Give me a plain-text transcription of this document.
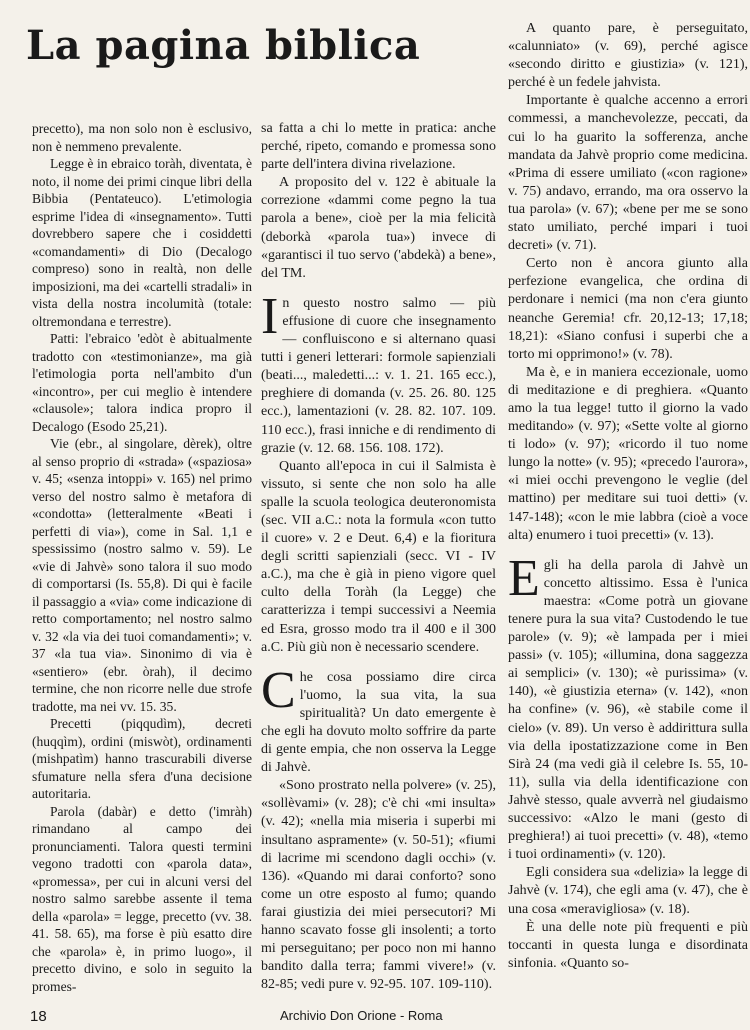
La pagina biblica

precetto), ma non solo non è esclusivo, non è nemmeno prevalente.

Legge è in ebraico toràh, diventata, è noto, il nome dei primi cinque libri della Bibbia (Pentateuco). L'etimologia esprime l'idea di «insegnamento». Tutti dovrebbero sapere che i cosiddetti «comandamenti» di Dio (Decalogo compreso) sono in realtà, non delle imposizioni, ma dei «cartelli stradali» in vista della nostra incolumità (totale: oltremondana e terrestre).

Patti: l'ebraico 'edòt è abitualmente tradotto con «testimonianze», ma già l'etimologia porta nell'ambito d'un «incontro», per cui meglio è intendere «clausole»; talora indica propro il Decalogo (Esodo 25,21).

Vie (ebr., al singolare, dèrek), oltre al senso proprio di «strada» («spaziosa» v. 45; «senza intoppi» v. 165) nel primo verso del nostro salmo è metafora di «condotta» (letteralmente «Beati i perfetti di via»), come in Sal. 1,1 e spessissimo (nostro salmo v. 59). Le «vie di Jahvè» sono talora il suo modo di comportarsi (Is. 55,8). Di qui è facile il passaggio a «via» come indicazione di retto comportamento; nel nostro salmo v. 32 «la via dei tuoi comandamenti»; v. 37 «la tua via». Sinonimo di via è «sentiero» (ebr. òrah), il decimo termine, che non ricorre nelle due strofe tradotte, ma nei vv. 15. 35.

Precetti (piqqudìm), decreti (huqqìm), ordini (miswòt), ordinamenti (mishpatìm) hanno trascurabili diverse sfumature nella sfera d'una decisione autoritaria.

Parola (dabàr) e detto ('imràh) rimandano al campo dei pronunciamenti. Talora questi termini vegono tradotti con «parola data», «promessa», per cui in alcuni versi del nostro salmo sarebbe assente il tema della «parola» = legge, precetto (vv. 38. 41. 58. 65), ma forse è più esatto dire che «parola» è, in primo luogo», il precetto divino, e solo in seguito la promes-

sa fatta a chi lo mette in pratica: anche perché, ripeto, comando e promessa sono parte dell'intera divina rivelazione.

A proposito del v. 122 è abituale la correzione «dammi come pegno la tua parola a bene», cioè per la mia felicità (deborkà «parola tua») invece di «garantisci il tuo servo ('abdekà) a bene», del TM.

In questo nostro salmo — più effusione di cuore che insegnamento — confluiscono e si alternano quasi tutti i generi letterari: formole sapienziali (beati..., maledetti...: v. 1. 21. 165 ecc.), preghiere di domanda (v. 25. 26. 80. 125 ecc.), lamentazioni (v. 28. 82. 107. 109. 110 ecc.), frasi inniche e di rendimento di grazie (v. 12. 68. 156. 108. 172).

Quanto all'epoca in cui il Salmista è vissuto, si sente che non solo ha alle spalle la scuola teologica deuteronomista (sec. VII a.C.: nota la formula «con tutto il cuore» v. 2 e Deut. 6,4) e la fioritura degli scritti sapienziali (secc. VI - IV a.C.), ma che è già in pieno vigore quel culto della Toràh (la Legge) che caratterizza i tempi successivi a Neemia ed Esra, grosso modo tra il 400 e il 300 a.C. Più giù non è necessario scendere.

Che cosa possiamo dire circa l'uomo, la sua vita, la sua spiritualità? Un dato emergente è che egli ha dovuto molto soffrire da parte di gente empia, che non osserva la Legge di Jahvè.

«Sono prostrato nella polvere» (v. 25), «sollèvami» (v. 28); c'è chi «mi insulta» (v. 42); «nella mia miseria i superbi mi insultano aspramente» (v. 50-51); «fiumi di lacrime mi scendono dagli occhi» (v. 136). «Quando mi darai conforto? sono come un otre esposto al fumo; quando farai giustizia dei miei persecutori? Mi hanno scavato fosse gli insolenti; a torto mi perseguitano; per poco non mi hanno bandito dalla terra; fammi vivere!» (v. 82-85; vedi pure v. 92-95. 107. 109-110).

A quanto pare, è perseguitato, «calunniato» (v. 69), perché agisce «secondo diritto e giustizia» (v. 121), perché è un fedele jahvista.

Importante è qualche accenno a errori commessi, a manchevolezze, peccati, da cui lo ha guarito la sofferenza, anche mandata da Jahvè proprio come medicina. «Prima di essere umiliato («con ragione» v. 75) andavo, errando, ma ora osservo la tua parola» (v. 67); «bene per me se sono stato umiliato, perché impari i tuoi decreti» (v. 71).

Certo non è ancora giunto alla perfezione evangelica, che ordina di perdonare i nemici (ma non c'era giunto neanche Geremia! cfr. 20,12-13; 17,18; 18,21): «Siano confusi i superbi che a torto mi opprimono!» (v. 78).

Ma è, e in maniera eccezionale, uomo di meditazione e di preghiera. «Quanto amo la tua legge! tutto il giorno la vado meditando» (v. 97); «Sette volte al giorno ti lodo» (v. 97); «ricordo il tuo nome lungo la notte» (v. 95); «precedo l'aurora», «i miei occhi prevengono le veglie (del mattino) per meditare sui tuoi detti» (v. 147-148); «con le mie labbra (cioè a voce alta) enumero i tuoi precetti» (v. 13).

Egli ha della parola di Jahvè un concetto altissimo. Essa è l'unica maestra: «Come potrà un giovane tenere pura la sua vita? Custodendo le tue parole» (v. 9); «è lampada per i miei passi» (v. 105); «illumina, dona saggezza ai semplici» (v. 130); «è purissima» (v. 140), «è giustizia eterna» (v. 142), «non ha confine» (v. 96), «è stabile come il cielo» (v. 89). Un verso è addirittura sulla via della ipostatizzazione come in Ben Sirà 24 (ma vedi già il celebre Is. 55, 10-11), sulla via della identificazione con Jahvè stesso, quale avverrà nel giudaismo successivo: «Alzo le mani (gesto di preghiera!) ai tuoi precetti» (v. 48), «temo i tuoi ordinamenti» (v. 120).

Egli considera sua «delizia» la legge di Jahvè (v. 174), che egli ama (v. 47), che è una cosa «meravigliosa» (v. 18).

È una delle note più frequenti e più toccanti in questa lunga e disordinata sinfonia. «Quanto so-

18	Archivio Don Orione - Roma
